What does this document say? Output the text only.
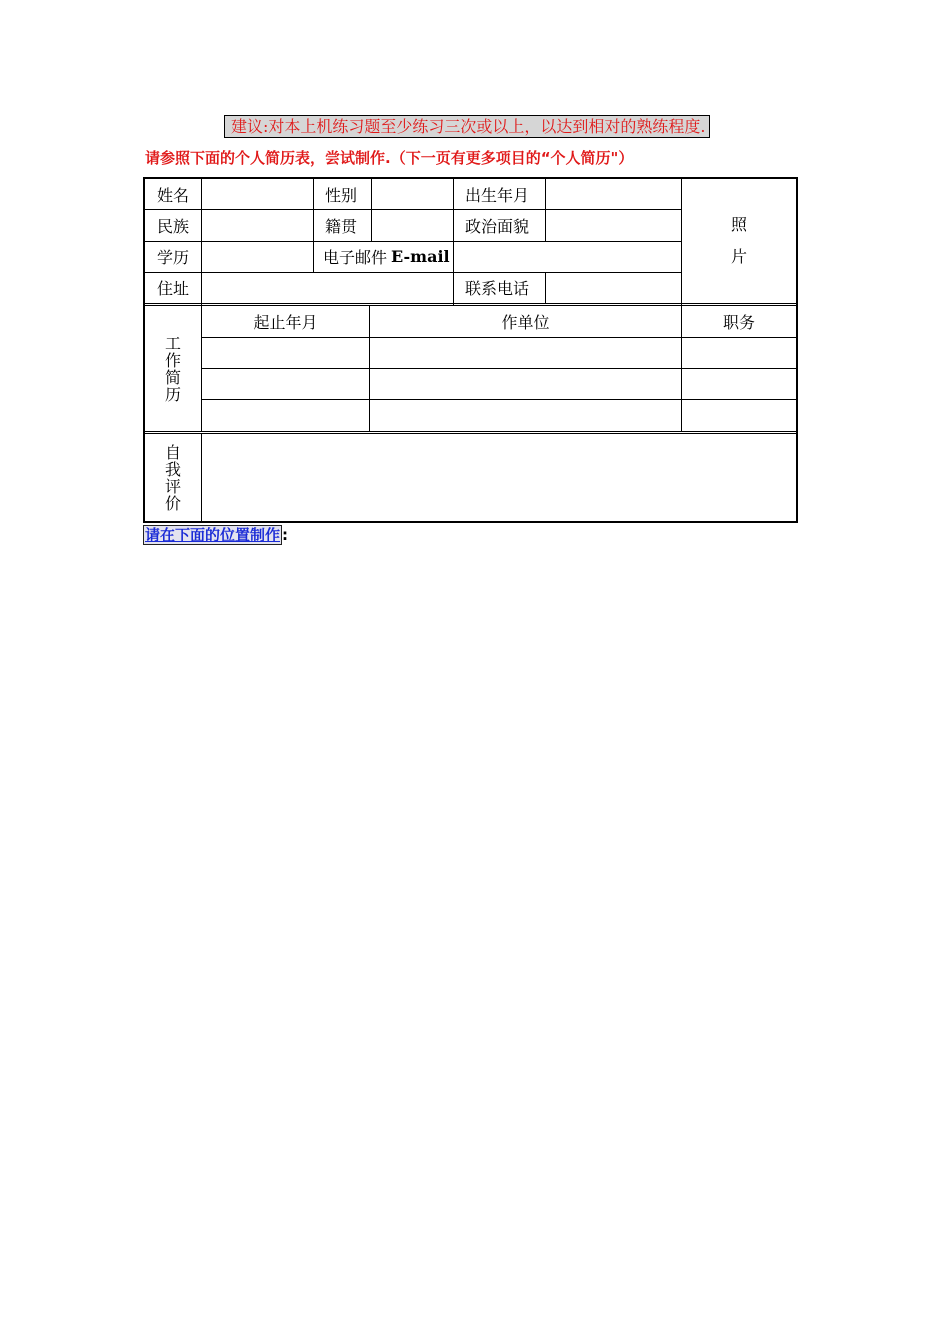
建议:对本上机练习题至少练习三次或以上，以达到相对的熟练程度.
请参照下面的个人简历表，尝试制作.（下一页有更多项目的“个人简历"）
姓名	性别	出生年月
民族	籍贯	政治面貌
学历	电子邮件 E-mail
住址	联系电话
照
片
工
作
简
历
起止年月	作单位	职务
自
我
评
价
请在下面的位置制作 :
